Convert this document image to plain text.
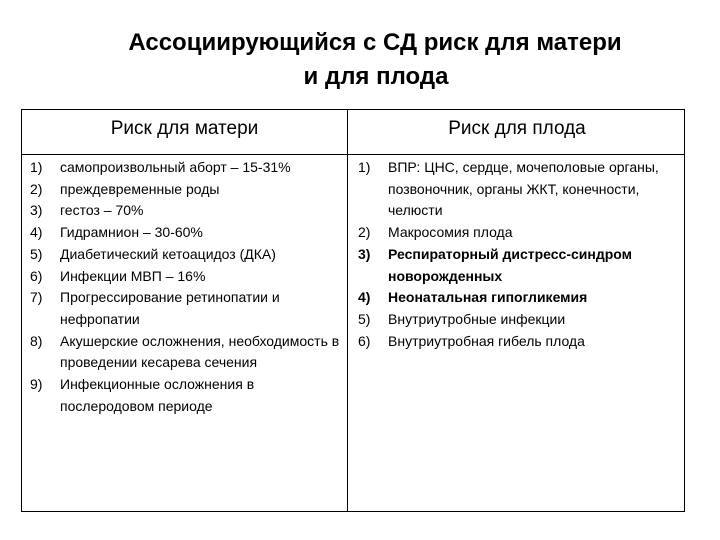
Ассоциирующийся с СД риск для матери
и для плода
Риск для матери	Риск для плода
1) самопроизвольный аборт – 15-31%
2) преждевременные роды
3) гестоз – 70%
4) Гидрамнион – 30-60%
5) Диабетический кетоацидоз (ДКА)
6) Инфекции МВП – 16%
7) Прогрессирование ретинопатии и нефропатии
8) Акушерские осложнения, необходимость в проведении кесарева сечения
9) Инфекционные осложнения в послеродовом периоде
1) ВПР: ЦНС, сердце, мочеполовые органы, позвоночник, органы ЖКТ, конечности, челюсти
2) Макросомия плода
3) Респираторный дистресс-синдром новорожденных
4) Неонатальная гипогликемия
5) Внутриутробные инфекции
6) Внутриутробная гибель плода
